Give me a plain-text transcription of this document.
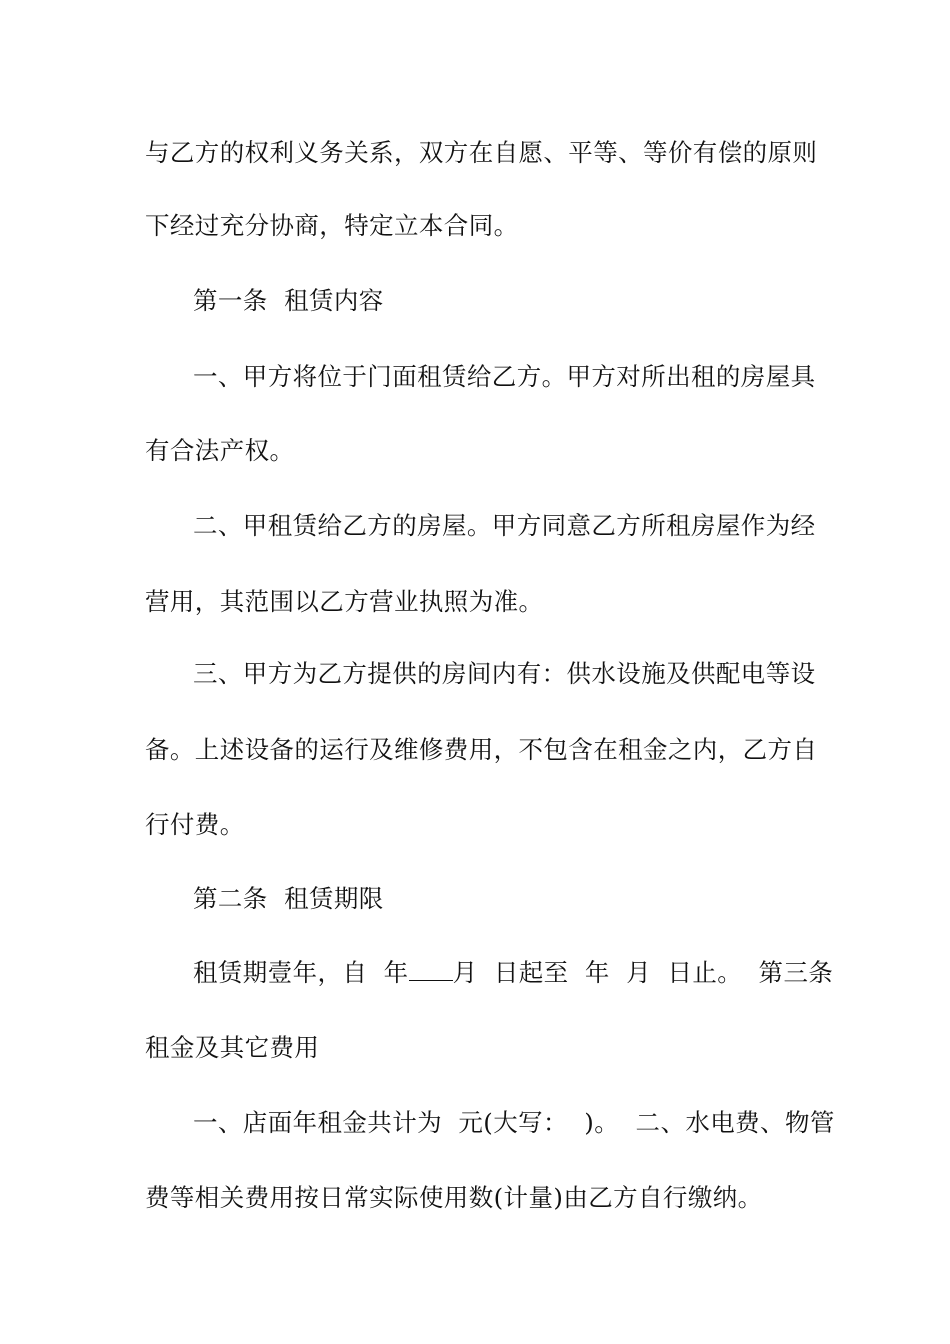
与乙方的权利义务关系，双方在自愿、平等、等价有偿的原则
下经过充分协商，特定立本合同。
第一条  租赁内容
一、甲方将位于门面租赁给乙方。甲方对所出租的房屋具
有合法产权。
二、甲租赁给乙方的房屋。甲方同意乙方所租房屋作为经
营用，其范围以乙方营业执照为准。
三、甲方为乙方提供的房间内有：供水设施及供配电等设
备。上述设备的运行及维修费用，不包含在租金之内，乙方自
行付费。
第二条  租赁期限
租赁期壹年，自  年 月  日起至  年  月  日止。  第三条
租金及其它费用
一、店面年租金共计为  元(大写：  )。  二、水电费、物管
费等相关费用按日常实际使用数(计量)由乙方自行缴纳。
